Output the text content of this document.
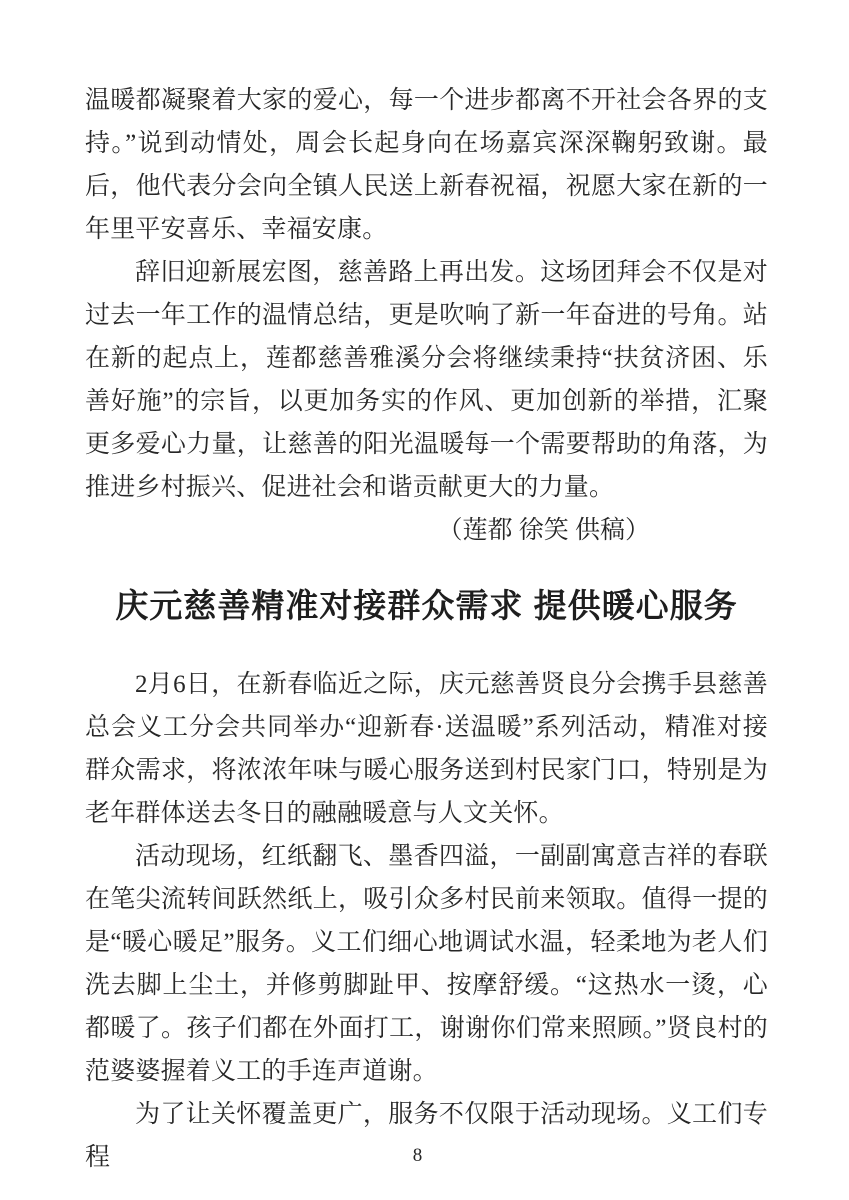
温暖都凝聚着大家的爱心，每一个进步都离不开社会各界的支持。”说到动情处，周会长起身向在场嘉宾深深鞠躬致谢。最后，他代表分会向全镇人民送上新春祝福，祝愿大家在新的一年里平安喜乐、幸福安康。

辞旧迎新展宏图，慈善路上再出发。这场团拜会不仅是对过去一年工作的温情总结，更是吹响了新一年奋进的号角。站在新的起点上，莲都慈善雅溪分会将继续秉持“扶贫济困、乐善好施”的宗旨，以更加务实的作风、更加创新的举措，汇聚更多爱心力量，让慈善的阳光温暖每一个需要帮助的角落，为推进乡村振兴、促进社会和谐贡献更大的力量。

（莲都 徐笑 供稿）

庆元慈善精准对接群众需求 提供暖心服务

2月6日，在新春临近之际，庆元慈善贤良分会携手县慈善总会义工分会共同举办“迎新春·送温暖”系列活动，精准对接群众需求，将浓浓年味与暖心服务送到村民家门口，特别是为老年群体送去冬日的融融暖意与人文关怀。

活动现场，红纸翻飞、墨香四溢，一副副寓意吉祥的春联在笔尖流转间跃然纸上，吸引众多村民前来领取。值得一提的是“暖心暖足”服务。义工们细心地调试水温，轻柔地为老人们洗去脚上尘土，并修剪脚趾甲、按摩舒缓。“这热水一烫，心都暖了。孩子们都在外面打工，谢谢你们常来照顾。”贤良村的范婆婆握着义工的手连声道谢。

为了让关怀覆盖更广，服务不仅限于活动现场。义工们专程	8
